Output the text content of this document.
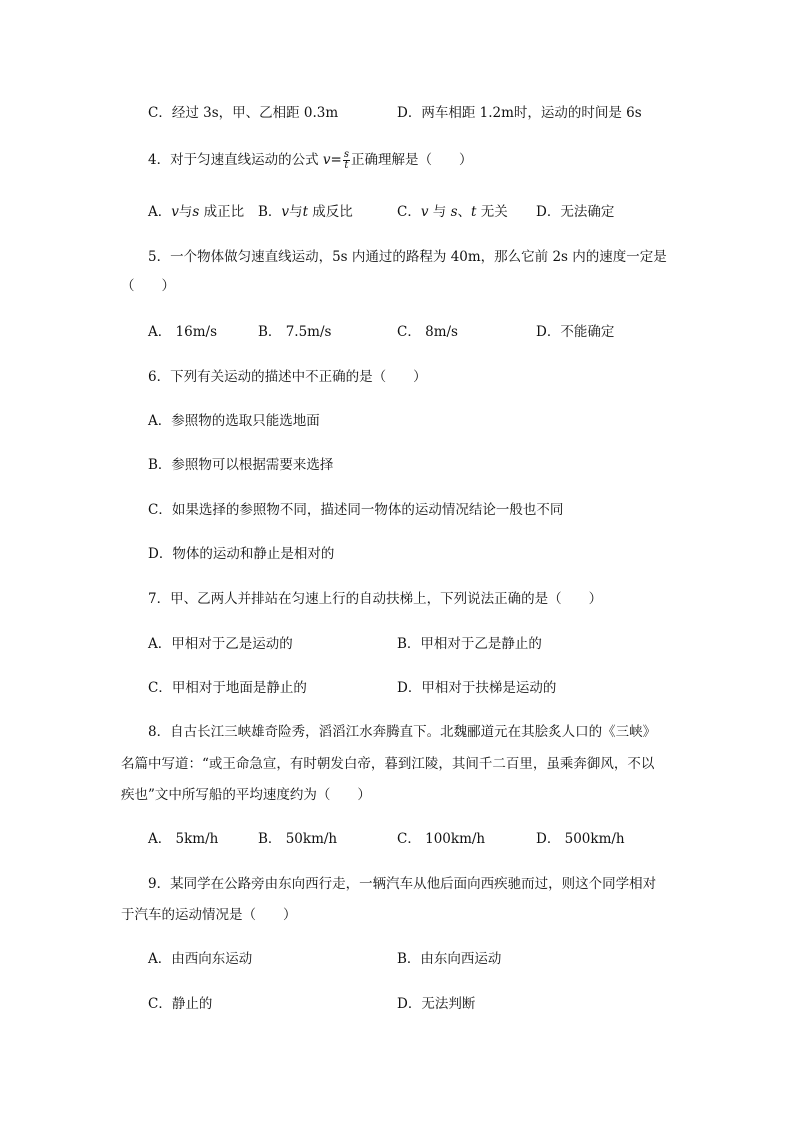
C．经过 3s，甲、乙相距 0.3m	D．两车相距 1.2m时，运动的时间是 6s
4．对于匀速直线运动的公式 $v= \frac{s}{t}$ 正确理解是（　　）
A．v与s 成正比 B．v与t 成反比	C．v 与 s、t 无关 D．无法确定
5．一个物体做匀速直线运动，5s 内通过的路程为 40m，那么它前 2s 内的速度一定是
（　　）
A． 16m/s	B． 7.5m/s	C． 8m/s	D．不能确定
6．下列有关运动的描述中不正确的是（　　）
A．参照物的选取只能选地面
B．参照物可以根据需要来选择
C．如果选择的参照物不同，描述同一物体的运动情况结论一般也不同
D．物体的运动和静止是相对的
7．甲、乙两人并排站在匀速上行的自动扶梯上，下列说法正确的是（　　）
A．甲相对于乙是运动的	B．甲相对于乙是静止的
C．甲相对于地面是静止的	D．甲相对于扶梯是运动的
8．自古长江三峡雄奇险秀，滔滔江水奔腾直下。北魏郦道元在其脍炙人口的《三峡》
名篇中写道：“或王命急宣，有时朝发白帝，暮到江陵，其间千二百里，虽乘奔御风，不以
疾也”文中所写船的平均速度约为（　　）
A． 5km/h	B． 50km/h	C． 100km/h	D． 500km/h
9．某同学在公路旁由东向西行走，一辆汽车从他后面向西疾驰而过，则这个同学相对
于汽车的运动情况是（　　）
A．由西向东运动	B．由东向西运动
C．静止的	D．无法判断
